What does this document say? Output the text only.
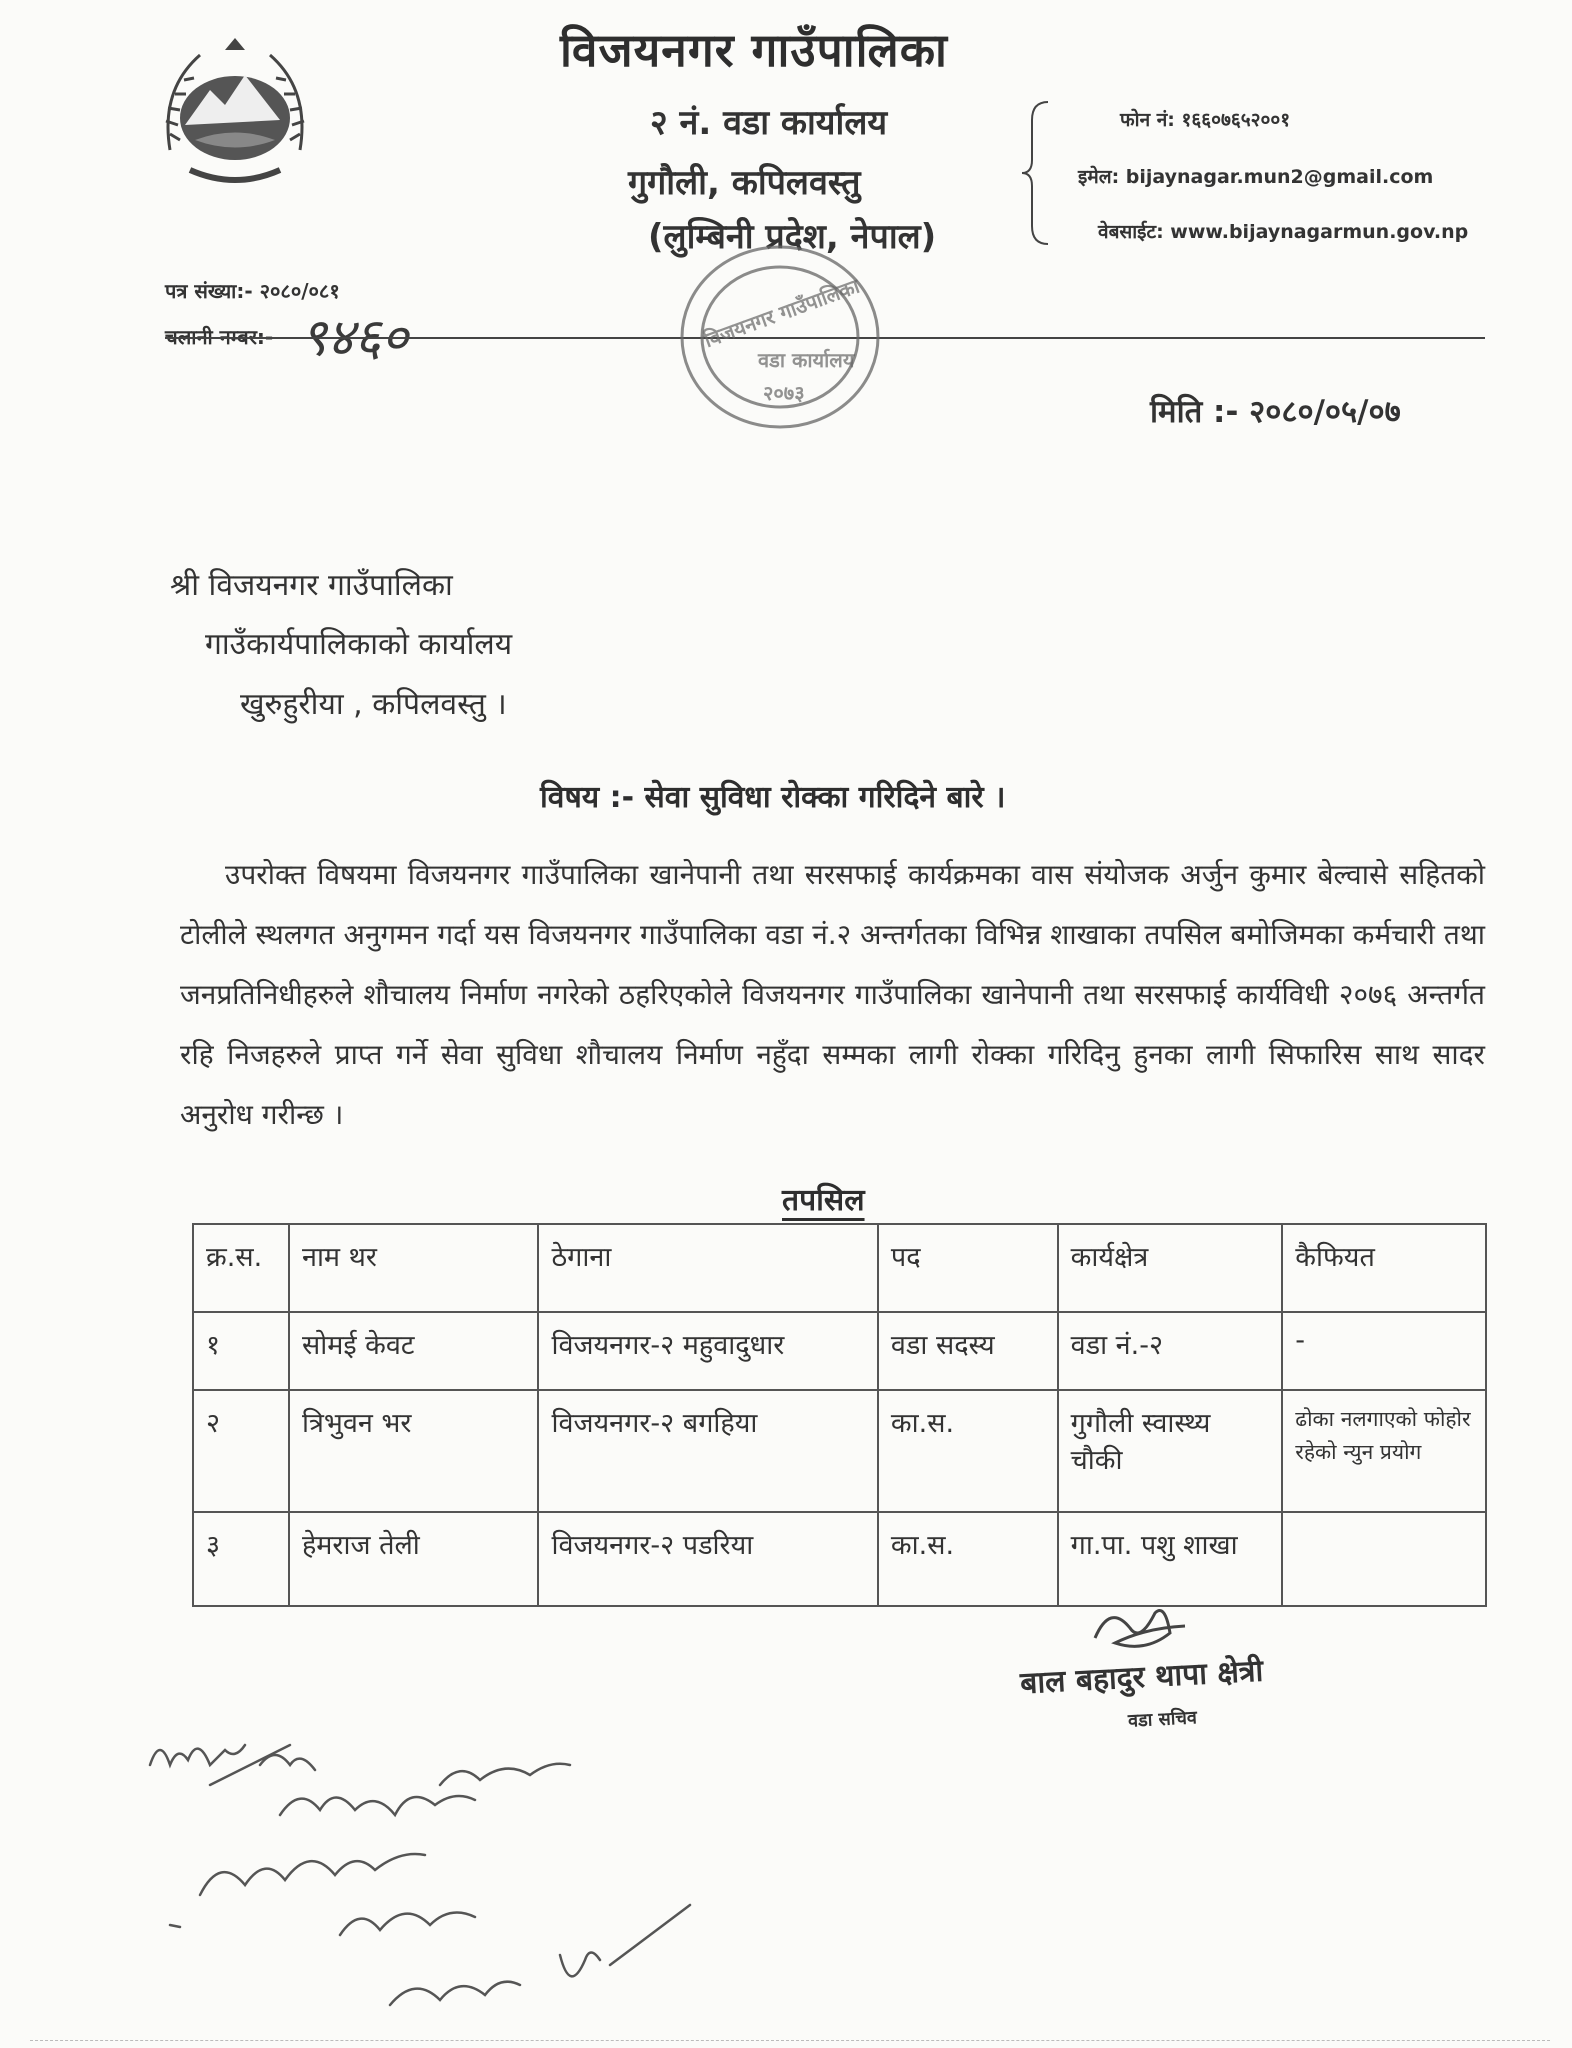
विजयनगर गाउँपालिका
२ नं. वडा कार्यालय
गुगौली, कपिलवस्तु
(लुम्बिनी प्रदेश, नेपाल)
फोन नं: १६६०७६५२००१
इमेल: bijaynagar.mun2@gmail.com
वेबसाईट: www.bijaynagarmun.gov.np
पत्र संख्या:- २०८०/०८१
चलानी नम्बर:- ९४६०	विजयनगर गाउँपालिका
वडा कार्यालय
२०७३
मिति :- २०८०/०५/०७
श्री विजयनगर गाउँपालिका
गाउँकार्यपालिकाको कार्यालय
खुरुहुरीया , कपिलवस्तु ।
विषय :- सेवा सुविधा रोक्का गरिदिने बारे ।
उपरोक्त विषयमा विजयनगर गाउँपालिका खानेपानी तथा सरसफाई कार्यक्रमका वास संयोजक अर्जुन कुमार बेल्वासे सहितको टोलीले स्थलगत अनुगमन गर्दा यस विजयनगर गाउँपालिका वडा नं.२ अन्तर्गतका विभिन्न शाखाका तपसिल बमोजिमका कर्मचारी तथा जनप्रतिनिधीहरुले शौचालय निर्माण नगरेको ठहरिएकोले विजयनगर गाउँपालिका खानेपानी तथा सरसफाई कार्यविधी २०७६ अन्तर्गत रहि निजहरुले प्राप्त गर्ने सेवा सुविधा शौचालय निर्माण नहुँदा सम्मका लागी रोक्का गरिदिनु हुनका लागी सिफारिस साथ सादर अनुरोध गरीन्छ ।
तपसिल
क्र.स.	नाम थर	ठेगाना	पद	कार्यक्षेत्र	कैफियत
१	सोमई केवट	विजयनगर-२ महुवादुधार	वडा सदस्य	वडा नं.-२	-
२	त्रिभुवन भर	विजयनगर-२ बगहिया	का.स.	गुगौली स्वास्थ्य चौकी	ढोका नलगाएको फोहोर रहेको न्युन प्रयोग
३	हेमराज तेली	विजयनगर-२ पडरिया	का.स.	गा.पा. पशु शाखा	
बाल बहादुर थापा क्षेत्री
वडा सचिव
